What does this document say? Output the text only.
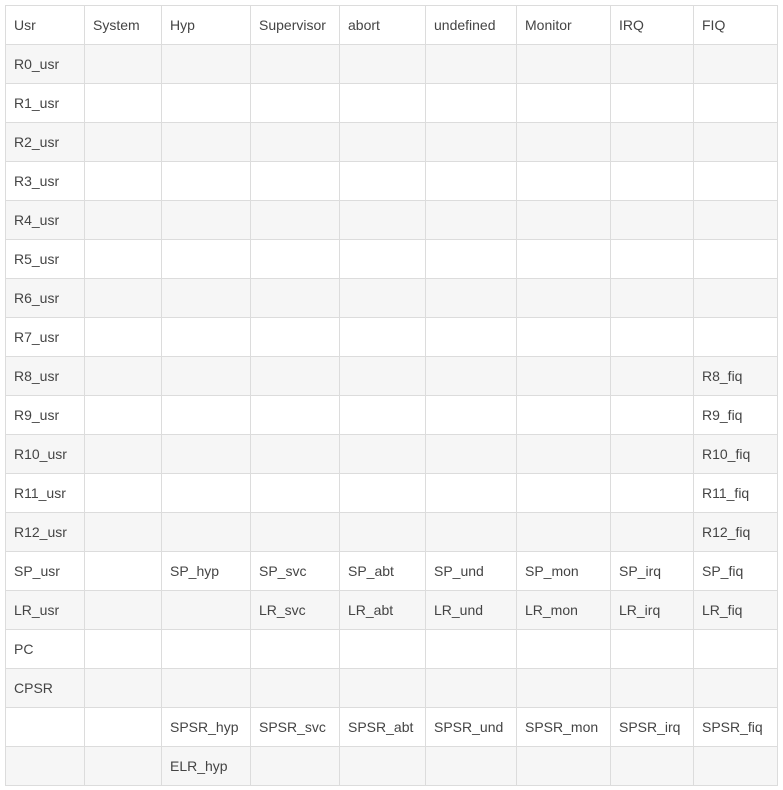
Usr	System	Hyp	Supervisor	abort	undefined	Monitor	IRQ	FIQ
R0_usr								
R1_usr								
R2_usr								
R3_usr								
R4_usr								
R5_usr								
R6_usr								
R7_usr								
R8_usr								R8_fiq
R9_usr								R9_fiq
R10_usr								R10_fiq
R11_usr								R11_fiq
R12_usr								R12_fiq
SP_usr		SP_hyp	SP_svc	SP_abt	SP_und	SP_mon	SP_irq	SP_fiq
LR_usr			LR_svc	LR_abt	LR_und	LR_mon	LR_irq	LR_fiq
PC								
CPSR								
		SPSR_hyp	SPSR_svc	SPSR_abt	SPSR_und	SPSR_mon	SPSR_irq	SPSR_fiq
		ELR_hyp						
